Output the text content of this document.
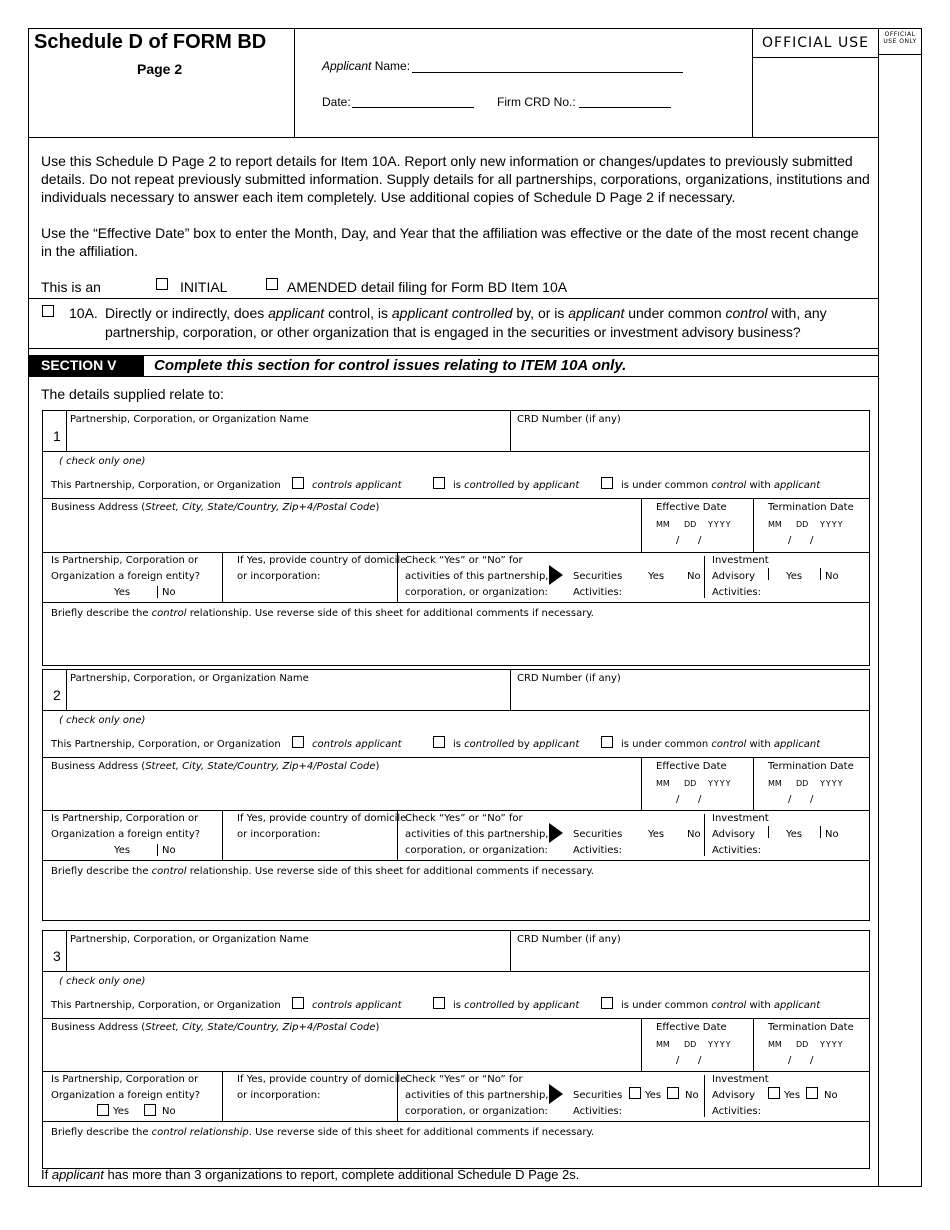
OFFICIAL USE ONLY
Schedule D of FORM BD
Page 2	Applicant Name:
Date:	Firm CRD No.:
OFFICIAL USE
Use this Schedule D Page 2 to report details for Item 10A. Report only new information or changes/updates to previously submitted details. Do not repeat previously submitted information. Supply details for all partnerships, corporations, organizations, institutions and individuals necessary to answer each item completely. Use additional copies of Schedule D Page 2 if necessary.
Use the “Effective Date” box to enter the Month, Day, and Year that the affiliation was effective or the date of the most recent change in the affiliation.
This is an	INITIAL	AMENDED detail filing for Form BD Item 10A
10A. Directly or indirectly, does applicant control, is applicant controlled by, or is applicant under common control with, any
partnership, corporation, or other organization that is engaged in the securities or investment advisory business?
SECTION V	Complete this section for control issues relating to ITEM 10A only.
The details supplied relate to:
1
Partnership, Corporation, or Organization Name	CRD Number (if any)
( check only one)
This Partnership, Corporation, or Organization	controls applicant	is controlled by applicant	is under common control with applicant
Business Address (Street, City, State/Country, Zip+4/Postal Code)	Effective Date	Termination Date
MM DD YYYY
/ /
MM DD YYYY
/ /
Is Partnership, Corporation or
Organization a foreign entity?
Yes	No
If Yes, provide country of domicile
or incorporation:
Check “Yes” or “No” for
activities of this partnership,
corporation, or organization:
Securities
Activities:
Yes No
Investment
Advisory
Activities:
Yes No
Briefly describe the control relationship. Use reverse side of this sheet for additional comments if necessary.
2
Partnership, Corporation, or Organization Name	CRD Number (if any)
( check only one)
This Partnership, Corporation, or Organization	controls applicant	is controlled by applicant	is under common control with applicant
Business Address (Street, City, State/Country, Zip+4/Postal Code)	Effective Date	Termination Date
MM DD YYYY
/ /
MM DD YYYY
/ /
Is Partnership, Corporation or
Organization a foreign entity?
Yes	No
If Yes, provide country of domicile
or incorporation:
Check “Yes” or “No” for
activities of this partnership,
corporation, or organization:
Securities
Activities:
Yes No
Investment
Advisory
Activities:
Yes No
Briefly describe the control relationship. Use reverse side of this sheet for additional comments if necessary.
3
Partnership, Corporation, or Organization Name	CRD Number (if any)
( check only one)
This Partnership, Corporation, or Organization	controls applicant	is controlled by applicant	is under common control with applicant
Business Address (Street, City, State/Country, Zip+4/Postal Code)	Effective Date	Termination Date
MM DD YYYY
/ /
MM DD YYYY
/ /
Is Partnership, Corporation or
Organization a foreign entity?
Yes	No
If Yes, provide country of domicile
or incorporation:
Check “Yes” or “No” for
activities of this partnership,
corporation, or organization:
Securities
Activities:
Yes No
Investment
Advisory
Activities:
Yes No
Briefly describe the control relationship. Use reverse side of this sheet for additional comments if necessary.
If applicant has more than 3 organizations to report, complete additional Schedule D Page 2s.
